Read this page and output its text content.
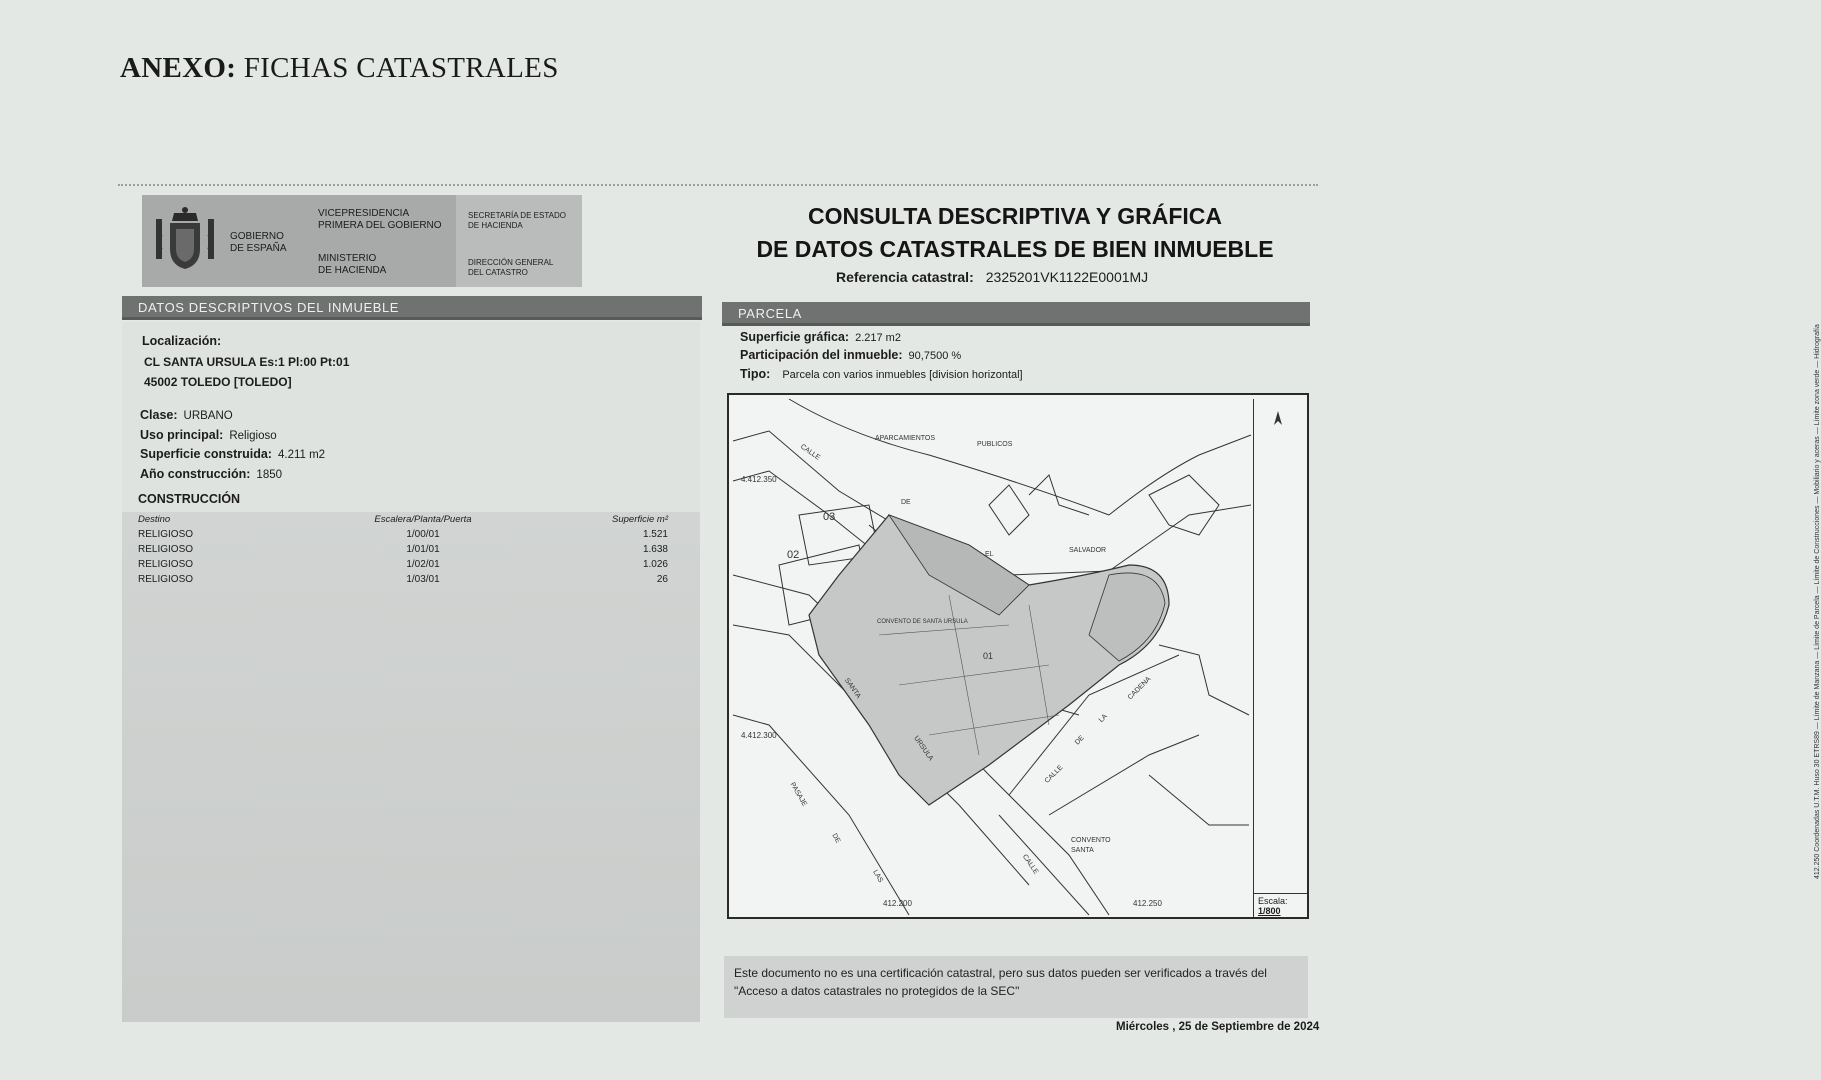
ANEXO: FICHAS CATASTRALES
GOBIERNO
DE ESPAÑA
VICEPRESIDENCIA
PRIMERA DEL GOBIERNO
MINISTERIO
DE HACIENDA
SECRETARÍA DE ESTADO
DE HACIENDA
DIRECCIÓN GENERAL
DEL CATASTRO
CONSULTA DESCRIPTIVA Y GRÁFICA
DE DATOS CATASTRALES DE BIEN INMUEBLE
Referencia catastral: 2325201VK1122E0001MJ
DATOS DESCRIPTIVOS DEL INMUEBLE	PARCELA
Localización:
CL SANTA URSULA Es:1 Pl:00 Pt:01
45002 TOLEDO [TOLEDO]
Clase: URBANO
Uso principal: Religioso
Superficie construida: 4.211 m2
Año construcción: 1850
CONSTRUCCIÓN
Destino	Escalera/Planta/Puerta	Superficie m²
RELIGIOSO	1/00/01	1.521
RELIGIOSO	1/01/01	1.638
RELIGIOSO	1/02/01	1.026
RELIGIOSO	1/03/01	26
Superficie gráfica: 2.217 m2
Participación del inmueble: 90,7500 %
Tipo: Parcela con varios inmuebles [division horizontal]
CALLE
DE
EL
SALVADOR
APARCAMIENTOS
PUBLICOS
03
02
01
CONVENTO DE SANTA URSULA
SANTA
URSULA
CALLE
DE
LA
CADENA
PASAJE
DE
LAS
CALLE
CONVENTO
SANTA
4.412.350
4.412.300
412.200	412.250
412.250 Coordenadas U.T.M. Huso 30 ETRS89 — Límite de Manzana — Límite de Parcela — Límite de Construcciones — Mobiliario y aceras — Límite zona verde — Hidrografía
Escala:
1/800
Este documento no es una certificación catastral, pero sus datos pueden ser verificados a través del "Acceso a datos catastrales no protegidos de la SEC"
Miércoles , 25 de Septiembre de 2024
